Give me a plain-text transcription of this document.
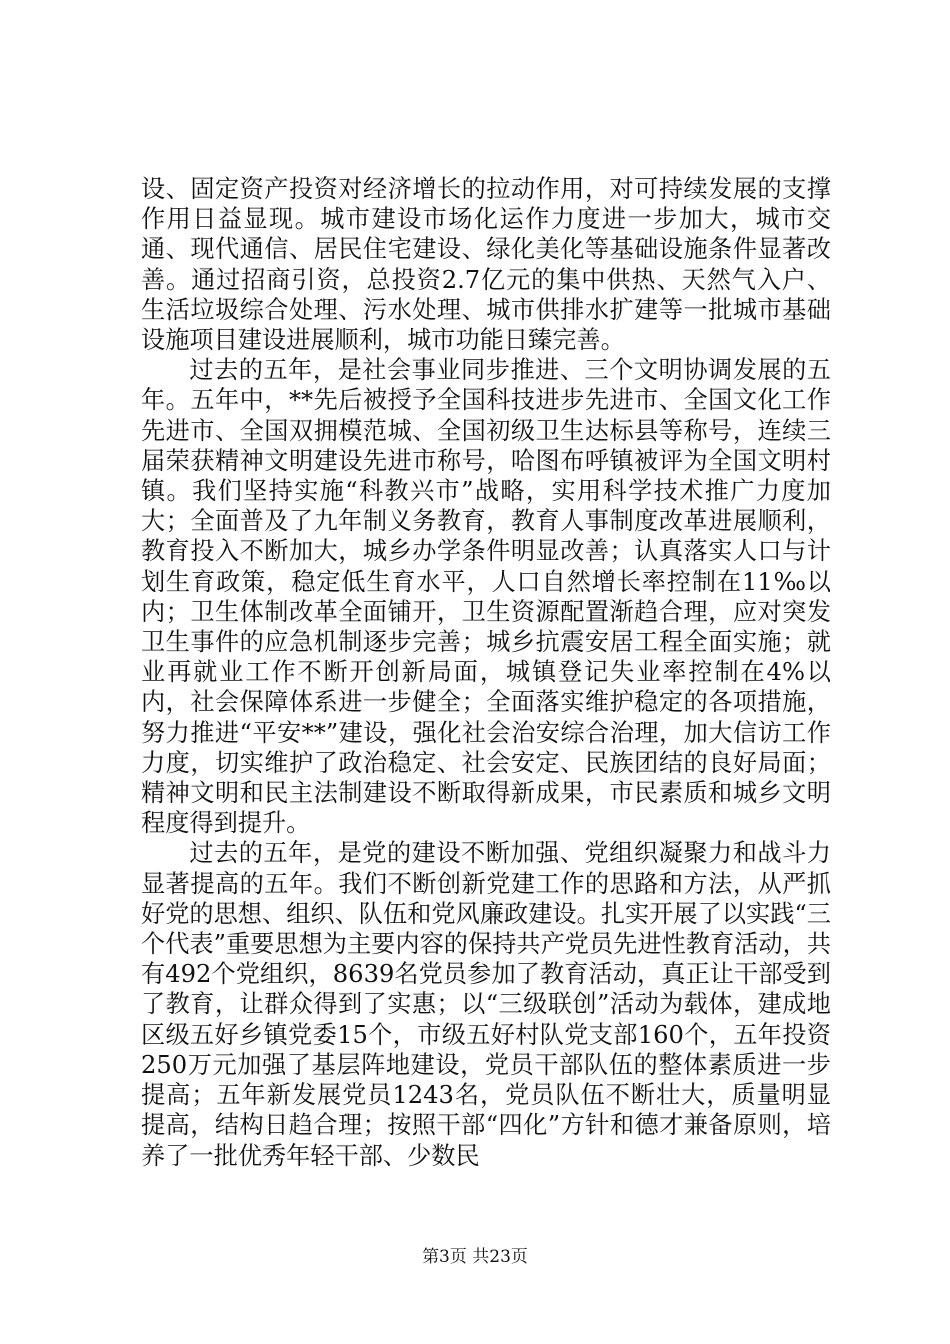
设、固定资产投资对经济增长的拉动作用，对可持续发展的支撑作用日益显现。城市建设市场化运作力度进一步加大，城市交通、现代通信、居民住宅建设、绿化美化等基础设施条件显著改善。通过招商引资，总投资2.7亿元的集中供热、天然气入户、生活垃圾综合处理、污水处理、城市供排水扩建等一批城市基础设施项目建设进展顺利，城市功能日臻完善。

过去的五年，是社会事业同步推进、三个文明协调发展的五年。五年中，**先后被授予全国科技进步先进市、全国文化工作先进市、全国双拥模范城、全国初级卫生达标县等称号，连续三届荣获精神文明建设先进市称号，哈图布呼镇被评为全国文明村镇。我们坚持实施“科教兴市”战略，实用科学技术推广力度加大；全面普及了九年制义务教育，教育人事制度改革进展顺利，教育投入不断加大，城乡办学条件明显改善；认真落实人口与计划生育政策，稳定低生育水平，人口自然增长率控制在11‰以内；卫生体制改革全面铺开，卫生资源配置渐趋合理，应对突发卫生事件的应急机制逐步完善；城乡抗震安居工程全面实施；就业再就业工作不断开创新局面，城镇登记失业率控制在4%以内，社会保障体系进一步健全；全面落实维护稳定的各项措施，努力推进“平安**”建设，强化社会治安综合治理，加大信访工作力度，切实维护了政治稳定、社会安定、民族团结的良好局面；精神文明和民主法制建设不断取得新成果，市民素质和城乡文明程度得到提升。

过去的五年，是党的建设不断加强、党组织凝聚力和战斗力显著提高的五年。我们不断创新党建工作的思路和方法，从严抓好党的思想、组织、队伍和党风廉政建设。扎实开展了以实践“三个代表”重要思想为主要内容的保持共产党员先进性教育活动，共有492个党组织，8639名党员参加了教育活动，真正让干部受到了教育，让群众得到了实惠；以“三级联创”活动为载体，建成地区级五好乡镇党委15个，市级五好村队党支部160个，五年投资250万元加强了基层阵地建设，党员干部队伍的整体素质进一步提高；五年新发展党员1243名，党员队伍不断壮大，质量明显提高，结构日趋合理；按照干部“四化”方针和德才兼备原则，培养了一批优秀年轻干部、少数民

第3页 共23页
